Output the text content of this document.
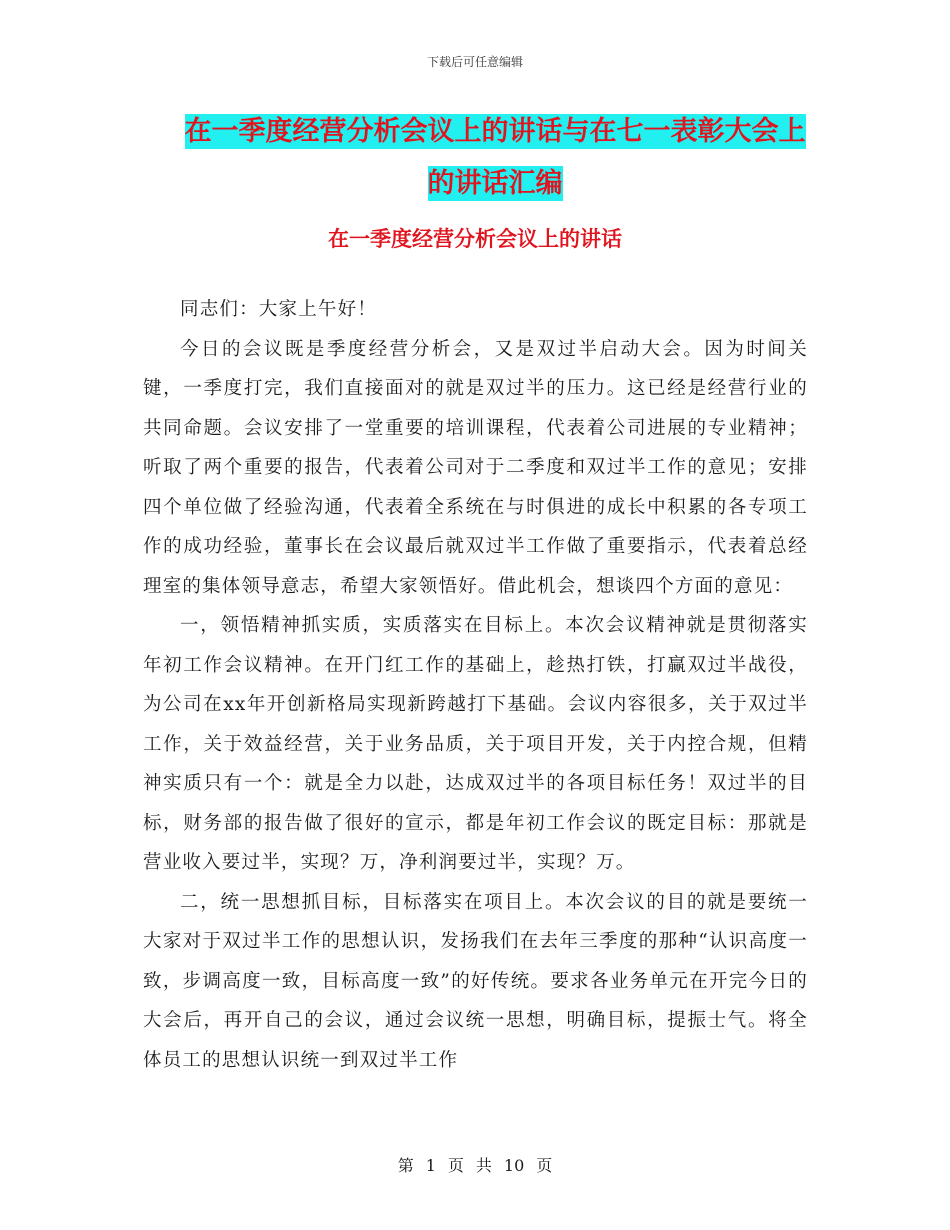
下载后可任意编辑
在一季度经营分析会议上的讲话与在七一表彰大会上
的讲话汇编
在一季度经营分析会议上的讲话

同志们：大家上午好！

今日的会议既是季度经营分析会，又是双过半启动大会。因为时间关键，一季度打完，我们直接面对的就是双过半的压力。这已经是经营行业的共同命题。会议安排了一堂重要的培训课程，代表着公司进展的专业精神；听取了两个重要的报告，代表着公司对于二季度和双过半工作的意见；安排四个单位做了经验沟通，代表着全系统在与时俱进的成长中积累的各专项工作的成功经验，董事长在会议最后就双过半工作做了重要指示，代表着总经理室的集体领导意志，希望大家领悟好。借此机会，想谈四个方面的意见：

一，领悟精神抓实质，实质落实在目标上。本次会议精神就是贯彻落实年初工作会议精神。在开门红工作的基础上，趁热打铁，打赢双过半战役，为公司在xx年开创新格局实现新跨越打下基础。会议内容很多，关于双过半工作，关于效益经营，关于业务品质，关于项目开发，关于内控合规，但精神实质只有一个：就是全力以赴，达成双过半的各项目标任务！双过半的目标，财务部的报告做了很好的宣示，都是年初工作会议的既定目标：那就是营业收入要过半，实现？万，净利润要过半，实现？万。

二，统一思想抓目标，目标落实在项目上。本次会议的目的就是要统一大家对于双过半工作的思想认识，发扬我们在去年三季度的那种“认识高度一致，步调高度一致，目标高度一致”的好传统。要求各业务单元在开完今日的大会后，再开自己的会议，通过会议统一思想，明确目标，提振士气。将全体员工的思想认识统一到双过半工作

第 1 页 共 10 页
